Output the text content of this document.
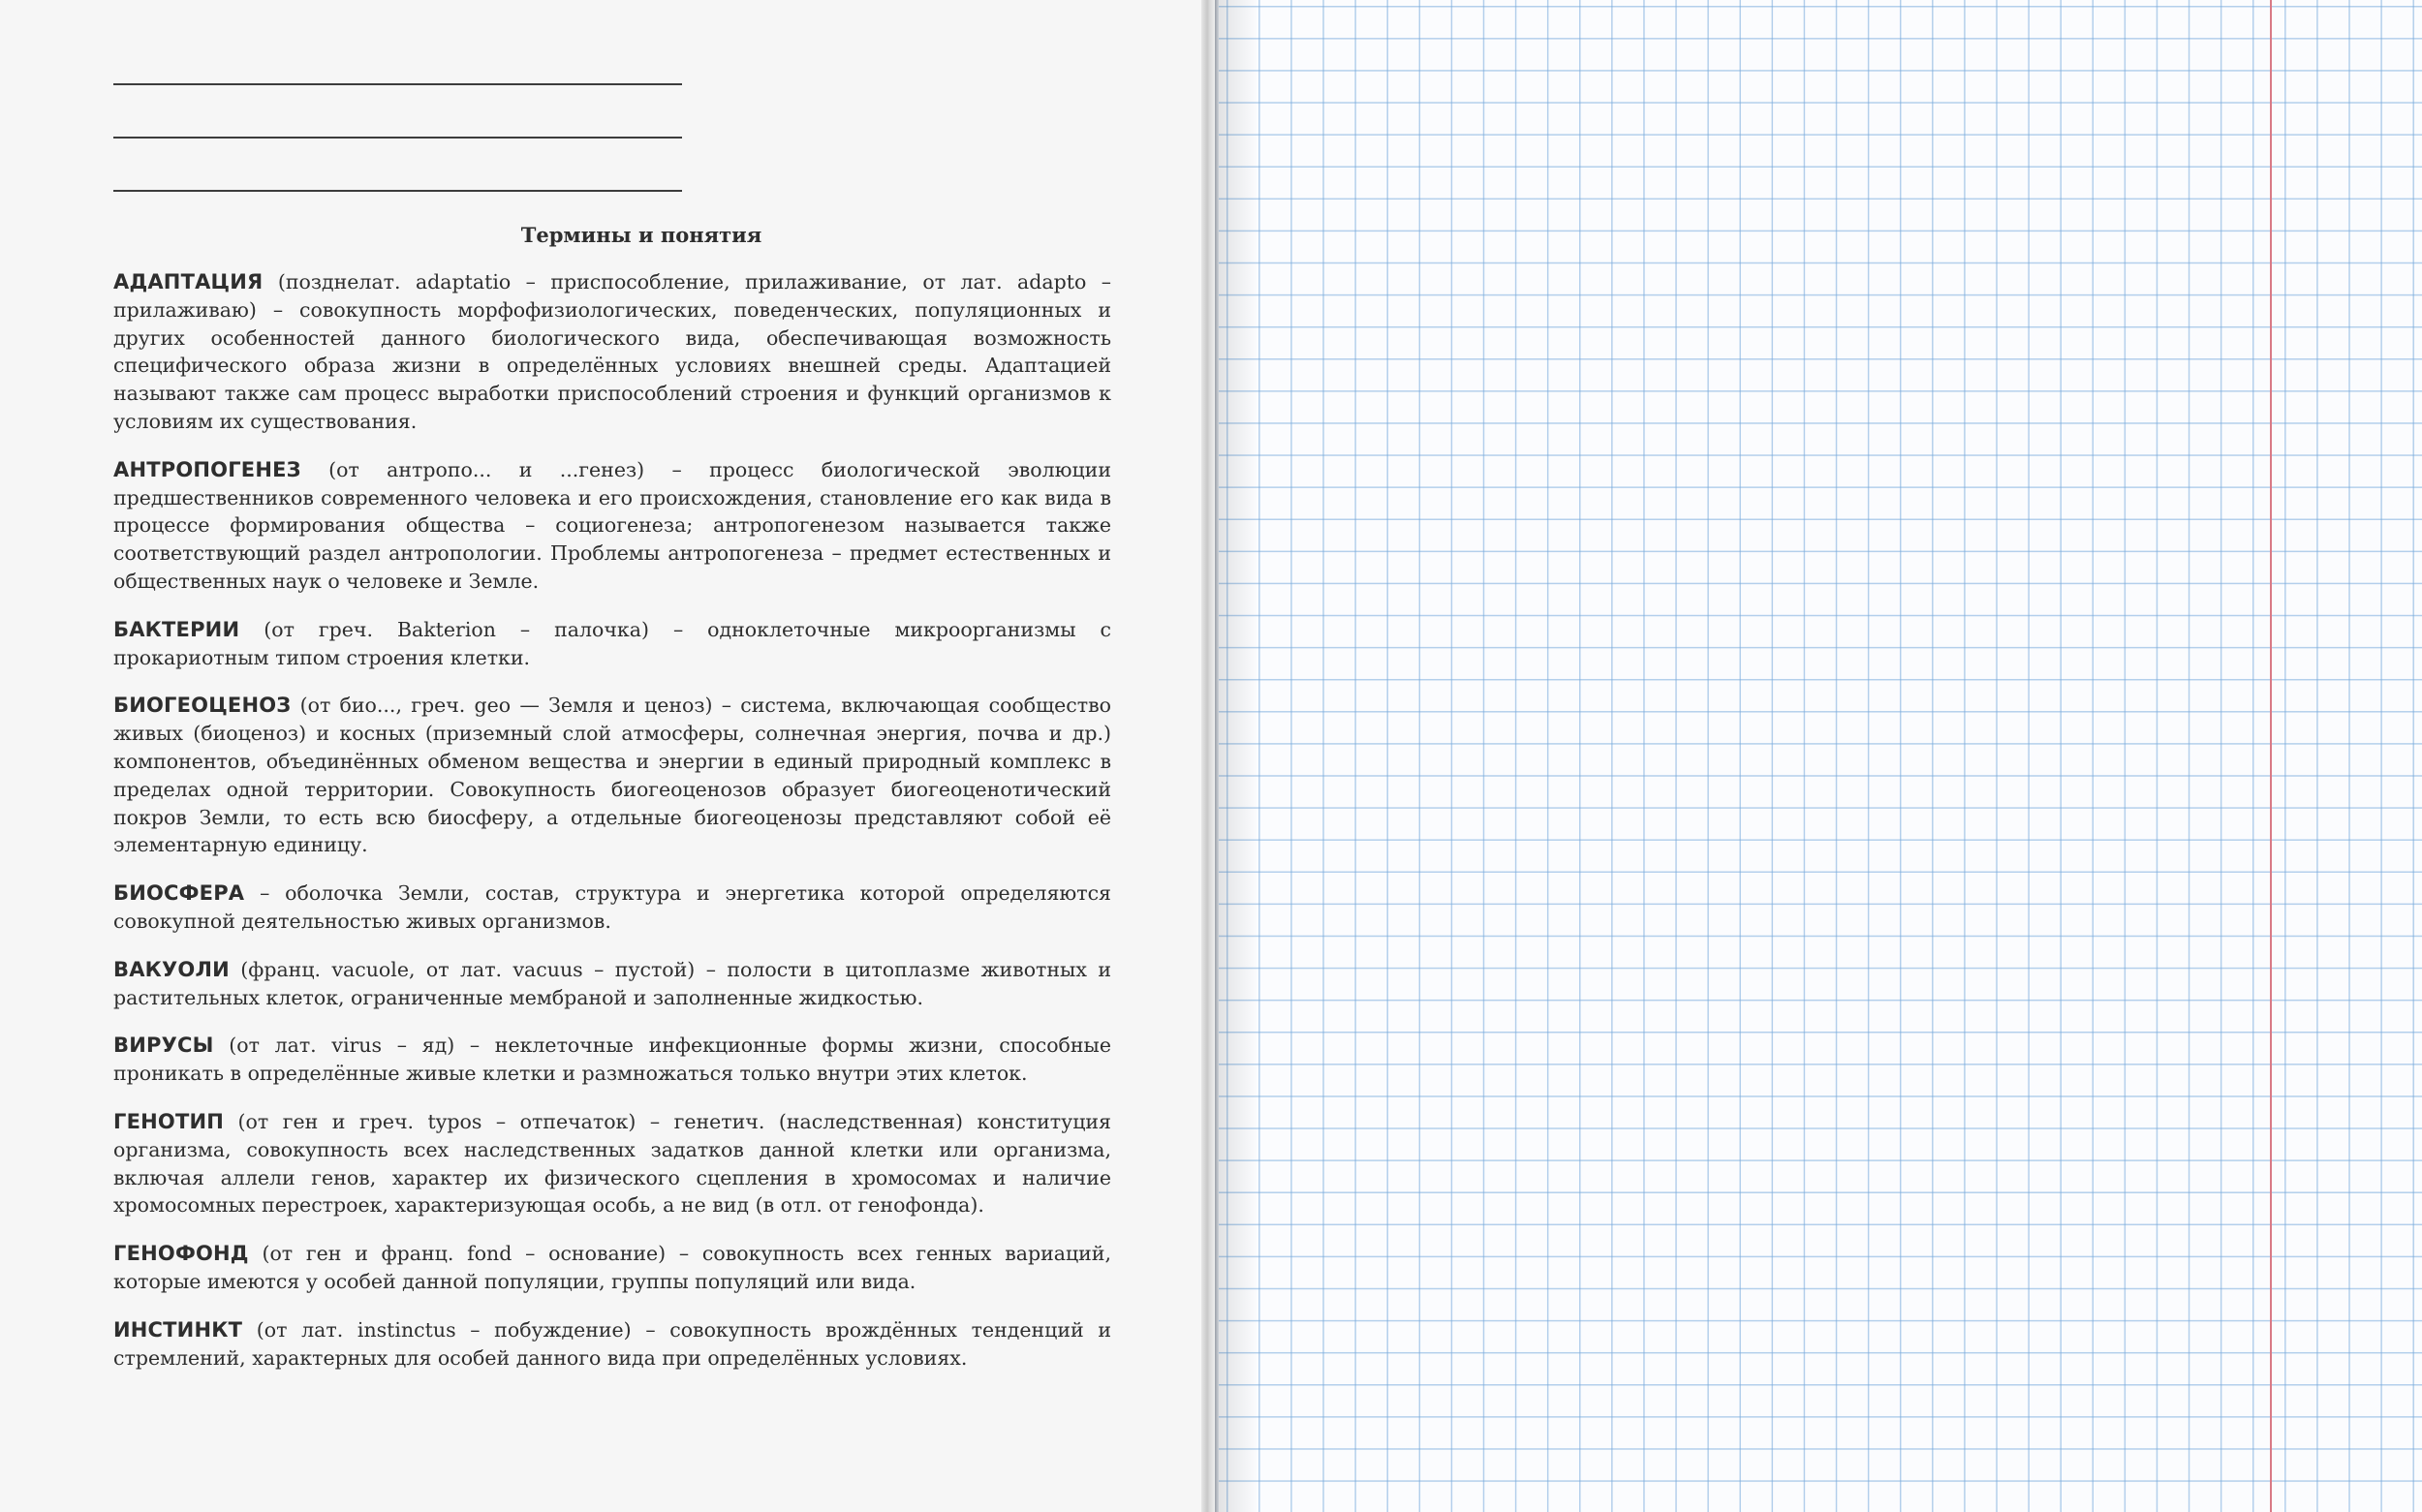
Термины и понятия

АДАПТАЦИЯ (позднелат. adaptatio – приспособление, прилаживание, от лат. adapto – прилаживаю) – совокупность морфофизиологических, поведенческих, популяционных и других особенностей данного биологического вида, обеспечивающая возможность специфического образа жизни в определённых условиях внешней среды. Адаптацией называют также сам процесс выработки приспособлений строения и функций организмов к условиям их существования.

АНТРОПОГЕНЕЗ (от антропо... и ...генез) – процесс биологической эволюции предшественников современного человека и его происхождения, становление его как вида в процессе формирования общества – социогенеза; антропогенезом называется также соответствующий раздел антропологии. Проблемы антропогенеза – предмет естественных и общественных наук о человеке и Земле.

БАКТЕРИИ (от греч. Bakterion – палочка) – одноклеточные микроорганизмы с прокариотным типом строения клетки.

БИОГЕОЦЕНОЗ (от био..., греч. geo — Земля и ценоз) – система, включающая сообщество живых (биоценоз) и косных (приземный слой атмосферы, солнечная энергия, почва и др.) компонентов, объединённых обменом вещества и энергии в единый природный комплекс в пределах одной территории. Совокупность биогеоценозов образует биогеоценотический покров Земли, то есть всю биосферу, а отдельные биогеоценозы представляют собой её элементарную единицу.

БИОСФЕРА – оболочка Земли, состав, структура и энергетика которой определяются совокупной деятельностью живых организмов.

ВАКУОЛИ (франц. vacuole, от лат. vacuus – пустой) – полости в цитоплазме животных и растительных клеток, ограниченные мембраной и заполненные жидкостью.

ВИРУСЫ (от лат. virus – яд) – неклеточные инфекционные формы жизни, способные проникать в определённые живые клетки и размножаться только внутри этих клеток.

ГЕНОТИП (от ген и греч. typos – отпечаток) – генетич. (наследственная) конституция организма, совокупность всех наследственных задатков данной клетки или организма, включая аллели генов, характер их физического сцепления в хромосомах и наличие хромосомных перестроек, характеризующая особь, а не вид (в отл. от генофонда).

ГЕНОФОНД (от ген и франц. fond – основание) – совокупность всех генных вариаций, которые имеются у особей данной популяции, группы популяций или вида.

ИНСТИНКТ (от лат. instinctus – побуждение) – совокупность врождённых тенденций и стремлений, характерных для особей данного вида при определённых условиях.
